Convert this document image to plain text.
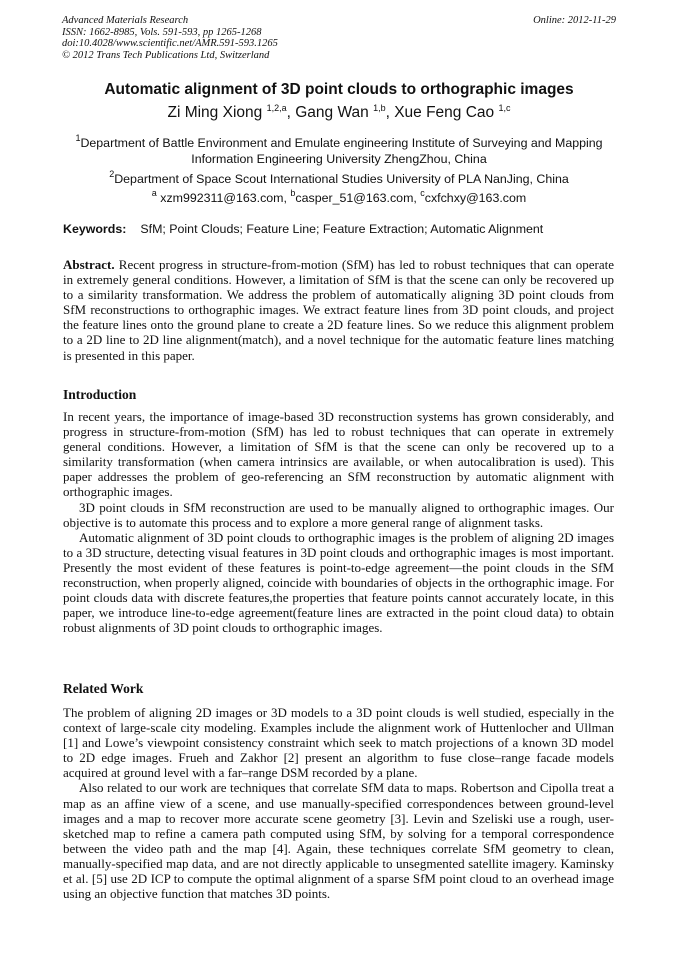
Advanced Materials Research
ISSN: 1662-8985, Vols. 591-593, pp 1265-1268
doi:10.4028/www.scientific.net/AMR.591-593.1265
© 2012 Trans Tech Publications Ltd, Switzerland
Online: 2012-11-29
Automatic alignment of 3D point clouds to orthographic images
Zi Ming Xiong $^{1,2,a}$, Gang Wan $^{1,b}$, Xue Feng Cao $^{1,c}$
$^1$Department of Battle Environment and Emulate engineering Institute of Surveying and Mapping
Information Engineering University ZhengZhou, China
$^2$Department of Space Scout International Studies University of PLA NanJing, China
$^a$ xzm992311@163.com, $^b$casper_51@163.com, $^c$cxfchxy@163.com
Keywords: SfM; Point Clouds; Feature Line; Feature Extraction; Automatic Alignment

Abstract. Recent progress in structure-from-motion (SfM) has led to robust techniques that can operate in extremely general conditions. However, a limitation of SfM is that the scene can only be recovered up to a similarity transformation. We address the problem of automatically aligning 3D point clouds from SfM reconstructions to orthographic images. We extract feature lines from 3D point clouds, and project the feature lines onto the ground plane to create a 2D feature lines. So we reduce this alignment problem to a 2D line to 2D line alignment(match), and a novel technique for the automatic feature lines matching is presented in this paper.

Introduction

In recent years, the importance of image-based 3D reconstruction systems has grown considerably, and progress in structure-from-motion (SfM) has led to robust techniques that can operate in extremely general conditions. However, a limitation of SfM is that the scene can only be recovered up to a similarity transformation (when camera intrinsics are available, or when autocalibration is used). This paper addresses the problem of geo-referencing an SfM reconstruction by automatic alignment with orthographic images.

3D point clouds in SfM reconstruction are used to be manually aligned to orthographic images. Our objective is to automate this process and to explore a more general range of alignment tasks.

Automatic alignment of 3D point clouds to orthographic images is the problem of aligning 2D images to a 3D structure, detecting visual features in 3D point clouds and orthographic images is most important. Presently the most evident of these features is point-to-edge agreement—the point clouds in the SfM reconstruction, when properly aligned, coincide with boundaries of objects in the orthographic image. For point clouds data with discrete features,the properties that feature points cannot accurately locate, in this paper, we introduce line-to-edge agreement(feature lines are extracted in the point cloud data) to obtain robust alignments of 3D point clouds to orthographic images.

Related Work

The problem of aligning 2D images or 3D models to a 3D point clouds is well studied, especially in the context of large-scale city modeling. Examples include the alignment work of Huttenlocher and Ullman [1] and Lowe’s viewpoint consistency constraint which seek to match projections of a known 3D model to 2D edge images. Frueh and Zakhor [2] present an algorithm to fuse close–range facade models acquired at ground level with a far–range DSM recorded by a plane.

Also related to our work are techniques that correlate SfM data to maps. Robertson and Cipolla treat a map as an affine view of a scene, and use manually-specified correspondences between ground-level images and a map to recover more accurate scene geometry [3]. Levin and Szeliski use a rough, user-sketched map to refine a camera path computed using SfM, by solving for a temporal correspondence between the video path and the map [4]. Again, these techniques correlate SfM geometry to clean, manually-specified map data, and are not directly applicable to unsegmented satellite imagery. Kaminsky et al. [5] use 2D ICP to compute the optimal alignment of a sparse SfM point cloud to an overhead image using an objective function that matches 3D points.
